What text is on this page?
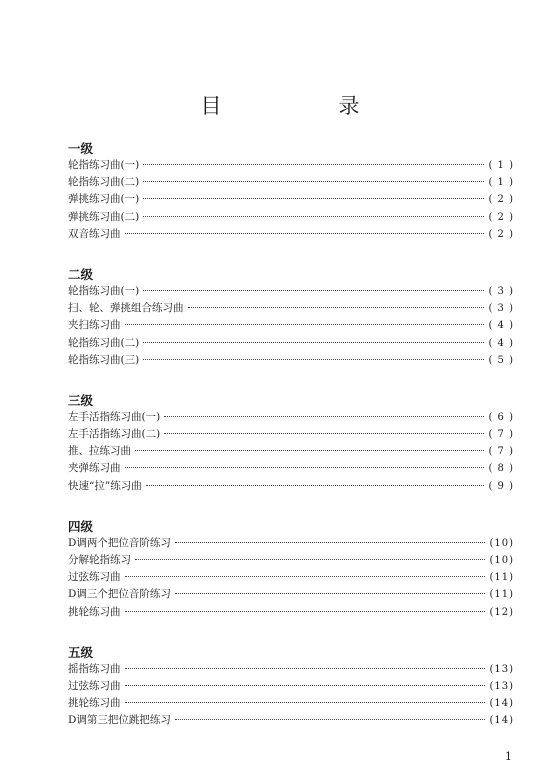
目　录
一级
轮指练习曲(一)	( 1 )
轮指练习曲(二)	( 1 )
弹挑练习曲(一)	( 2 )
弹挑练习曲(二)	( 2 )
双音练习曲	( 2 )
二级
轮指练习曲(一)	( 3 )
扫、轮、弹挑组合练习曲	( 3 )
夹扫练习曲	( 4 )
轮指练习曲(二)	( 4 )
轮指练习曲(三)	( 5 )
三级
左手活指练习曲(一)	( 6 )
左手活指练习曲(二)	( 7 )
推、拉练习曲	( 7 )
夹弹练习曲	( 8 )
快速“拉”练习曲	( 9 )
四级
D调两个把位音阶练习	(10)
分解轮指练习	(10)
过弦练习曲	(11)
D调三个把位音阶练习	(11)
挑轮练习曲	(12)
五级
摇指练习曲	(13)
过弦练习曲	(13)
挑轮练习曲	(14)
D调第三把位跳把练习	(14)
1
